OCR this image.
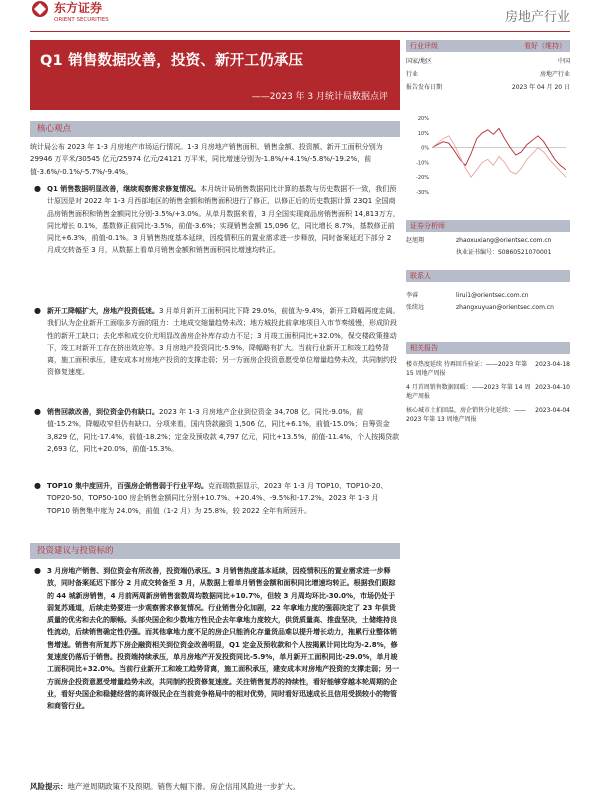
东方证券
ORIENT SECURITIES	房地产行业
Q1 销售数据改善，投资、新开工仍承压
——2023 年 3 月统计局数据点评
核心观点
统计局公布 2023 年 1-3 月房地产市场运行情况。1-3 月房地产销售面积、销售金额、投资额、新开工面积分别为 29946 万平米/30545 亿元/25974 亿元/24121 万平米，同比增速分别为-1.8%/+4.1%/-5.8%/-19.2%，前值-3.6%/-0.1%/-5.7%/-9.4%。
● Q1 销售数据明显改善，继续观察需求修复情况。本月统计局销售数据同比计算的基数与历史数据不一致，我们预计原因是对 2022 年 1-3 月西部地区的销售金额和销售面积进行了修正，以修正后的历史数据计算 23Q1 全国商品房销售面积和销售金额同比分别-3.5%/+3.0%。从单月数据来看，3 月全国实现商品房销售面积 14,813万方，同比增长 0.1%，基数修正前同比-3.5%，前值-3.6%；实现销售金额 15,096 亿，同比增长 8.7%，基数修正前同比+6.3%，前值-0.1%。3 月销售热度基本延续，因疫情积压的置业需求进一步释放，同时备案延迟下部分 2 月成交转备至 3 月，从数据上看单月销售金额和销售面积同比增速均转正。
● 新开工降幅扩大，房地产投资低迷。3 月单月新开工面积同比下降 29.0%，前值为-9.4%，新开工降幅再度走阔。我们认为企业新开工面临多方面的阻力：土地成交缩量趋势未改；地方城投此前拿地项目入市节奏缓慢，形成阶段性的新开工缺口；去化率和成交价尤明显改善房企补库存动力不足；3 月竣工面积同比+32.0%，保交楼政策推动下，竣工对新开工存在挤出效应等。3 月房地产投资同比-5.9%，降幅略有扩大。当前行业新开工和竣工趋势背离，施工面积承压，建安成本对房地产投资的支撑走弱；另一方面房企投资意愿受单位增量趋势未改，共同制约投资修复速度。
● 销售回款改善，到位资金仍有缺口。2023 年 1-3 月房地产企业到位资金 34,708 亿，同比-9.0%，前值-15.2%，降幅收窄但仍有缺口。分项来看，国内贷款融资 1,506 亿，同比+6.1%，前值-15.0%；自筹资金 3,829 亿，同比-17.4%，前值-18.2%；定金及预收款 4,797 亿元，同比+13.5%，前值-11.4%，个人按揭贷款 2,693 亿，同比+20.0%，前值-15.3%。
● TOP10 集中度回升，百强房企销售弱于行业平均。克而瑞数据显示，2023 年 1-3 月 TOP10、TOP10-20、TOP20-50、TOP50-100 房企销售金额同比分别+10.7%、+20.4%、-9.5%和-17.2%。2023 年 1-3 月 TOP10 销售集中度为 24.0%，前值（1-2 月）为 25.8%，较 2022 全年有所回升。
投资建议与投资标的
● 3 月房地产销售、到位资金有所改善，投资端仍承压。3 月销售热度基本延续，因疫情积压的置业需求进一步释放，同时备案延迟下部分 2 月成交转备至 3 月，从数据上看单月销售金额和面积同比增速均转正。根据我们跟踪的 44 城新房销售，4 月前两周新房销售套数周均数据同比+10.7%，但较 3 月周均环比-30.0%，市场仍处于弱复苏通道，后续走势要进一步观察需求修复情况。行业销售分化加剧，22 年拿地力度的强弱决定了 23 年供货质量的优劣和去化的顺畅。头部央国企和少数地方性民企去年拿地力度较大，供货质量高、推盘坚决，土储维持良性流动，后续销售确定性仍强。而其他拿地力度不足的房企只能消化存量货品难以提升增长动力，拖累行业整体销售增速。销售有所复苏下房企融资相关到位资金改善明显，Q1 定金及预收款和个人按揭累计同比均为-2.8%，修复速度仍落后于销售。投资端持续承压，单月房地产开发投资同比-5.9%，单月新开工面积同比-29.0%，单月竣工面积同比+32.0%。当前行业新开工和竣工趋势背离，施工面积承压，建安成本对房地产投资的支撑走弱；另一方面房企投资意愿受增量趋势未改，共同制约投资修复速度。关注销售复苏的持续性，看好能够穿越本轮周期的企业，看好央国企和稳健经营的高评级民企在当前竞争格局中的相对优势，同时看好迅速成长且信用受损较小的物管和商管行业。
风险提示：地产逆周期政策不及预期。销售大幅下滑。房企信用风险进一步扩大。
行业评级	看好（维持）
国家/地区	中国
行业	房地产行业
报告发布日期	2023 年 04 月 20 日
20%
10%
0%
-10%
-20%
-30%
证券分析师
赵旭翔	zhaoxuxiang@orientsec.com.cn
执业证书编号：S0860521070001
联系人
李睿	lirui1@orientsec.com.cn
张续远	zhangxuyuan@orientsec.com.cn
相关报告
楼市热度延续 待再回升验证：——2023 年第 15 周地产周报
2023-04-18
4 月首周销售数据回暖：——2023 年第 14 周地产周报
2023-04-10
核心城市土拍回温，房企销售分化延续：——2023 年第 13 周地产周报
2023-04-04
